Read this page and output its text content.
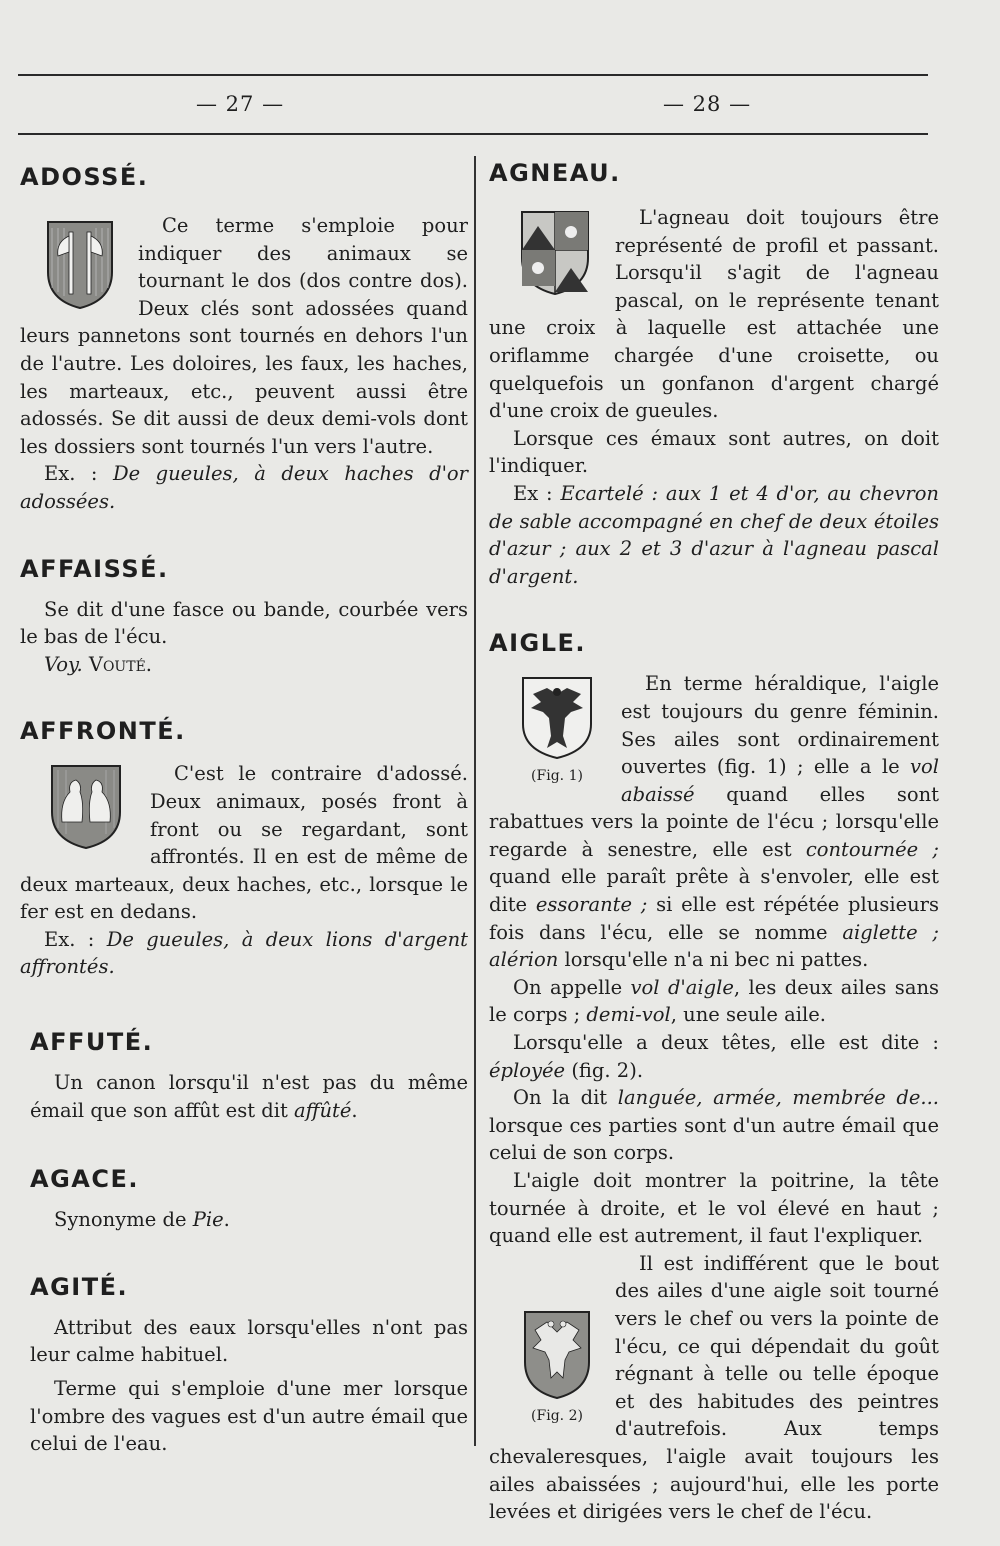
— 27 —	— 28 —
ADOSSÉ.

Ce terme s'emploie pour indiquer des animaux se tournant le dos (dos contre dos). Deux clés sont adossées quand leurs pannetons sont tournés en dehors l'un de l'autre. Les doloires, les faux, les haches, les marteaux, etc., peuvent aussi être adossés. Se dit aussi de deux demi-vols dont les dossiers sont tournés l'un vers l'autre.

Ex. : De gueules, à deux haches d'or adossées.

AFFAISSÉ.

Se dit d'une fasce ou bande, courbée vers le bas de l'écu.

Voy. Vouté.

AFFRONTÉ.

C'est le contraire d'adossé. Deux animaux, posés front à front ou se regardant, sont affrontés. Il en est de même de deux marteaux, deux haches, etc., lorsque le fer est en dedans.

Ex. : De gueules, à deux lions d'argent affrontés.

AFFUTÉ.

Un canon lorsqu'il n'est pas du même émail que son affût est dit affûté.

AGACE.

Synonyme de Pie.

AGITÉ.

Attribut des eaux lorsqu'elles n'ont pas leur calme habituel.

Terme qui s'emploie d'une mer lorsque l'ombre des vagues est d'un autre émail que celui de l'eau.

AGNEAU.

L'agneau doit toujours être représenté de profil et passant. Lorsqu'il s'agit de l'agneau pascal, on le représente tenant une croix à laquelle est attachée une oriflamme chargée d'une croisette, ou quelquefois un gonfanon d'argent chargé d'une croix de gueules.

Lorsque ces émaux sont autres, on doit l'indiquer.

Ex : Ecartelé : aux 1 et 4 d'or, au chevron de sable accompagné en chef de deux étoiles d'azur ; aux 2 et 3 d'azur à l'agneau pascal d'argent.

AIGLE.
(Fig. 1)

En terme héraldique, l'aigle est toujours du genre féminin. Ses ailes sont ordinairement ouvertes (fig. 1) ; elle a le vol abaissé quand elles sont rabattues vers la pointe de l'écu ; lorsqu'elle regarde à senestre, elle est contournée ; quand elle paraît prête à s'envoler, elle est dite essorante ; si elle est répétée plusieurs fois dans l'écu, elle se nomme aiglette ; alérion lorsqu'elle n'a ni bec ni pattes.

On appelle vol d'aigle, les deux ailes sans le corps ; demi-vol, une seule aile.

Lorsqu'elle a deux têtes, elle est dite : éployée (fig. 2).

On la dit languée, armée, membrée de... lorsque ces parties sont d'un autre émail que celui de son corps.

L'aigle doit montrer la poitrine, la tête tournée à droite, et le vol élevé en haut ; quand elle est autrement, il faut l'expliquer.

(Fig. 2)

Il est indifférent que le bout des ailes d'une aigle soit tourné vers le chef ou vers la pointe de l'écu, ce qui dépendait du goût régnant à telle ou telle époque et des habitudes des peintres d'autrefois. Aux temps chevaleresques, l'aigle avait toujours les ailes abaissées ; aujourd'hui, elle les porte levées et dirigées vers le chef de l'écu.
